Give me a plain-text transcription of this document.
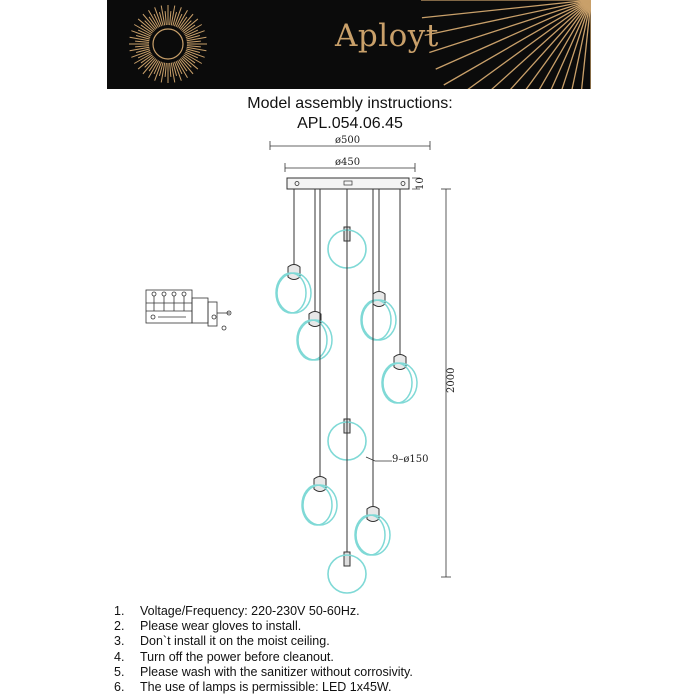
Aployt
Model assembly instructions:
APL.054.06.45
ø500
ø450
10
2000
9–ø150
1.	Voltage/Frequency: 220-230V 50-60Hz.
2.	Please wear gloves to install.
3.	Don`t install it on the moist ceiling.
4.	Turn off the power before cleanout.
5.	Please wash with the sanitizer without corrosivity.
6.	The use of lamps is permissible: LED 1x45W.
